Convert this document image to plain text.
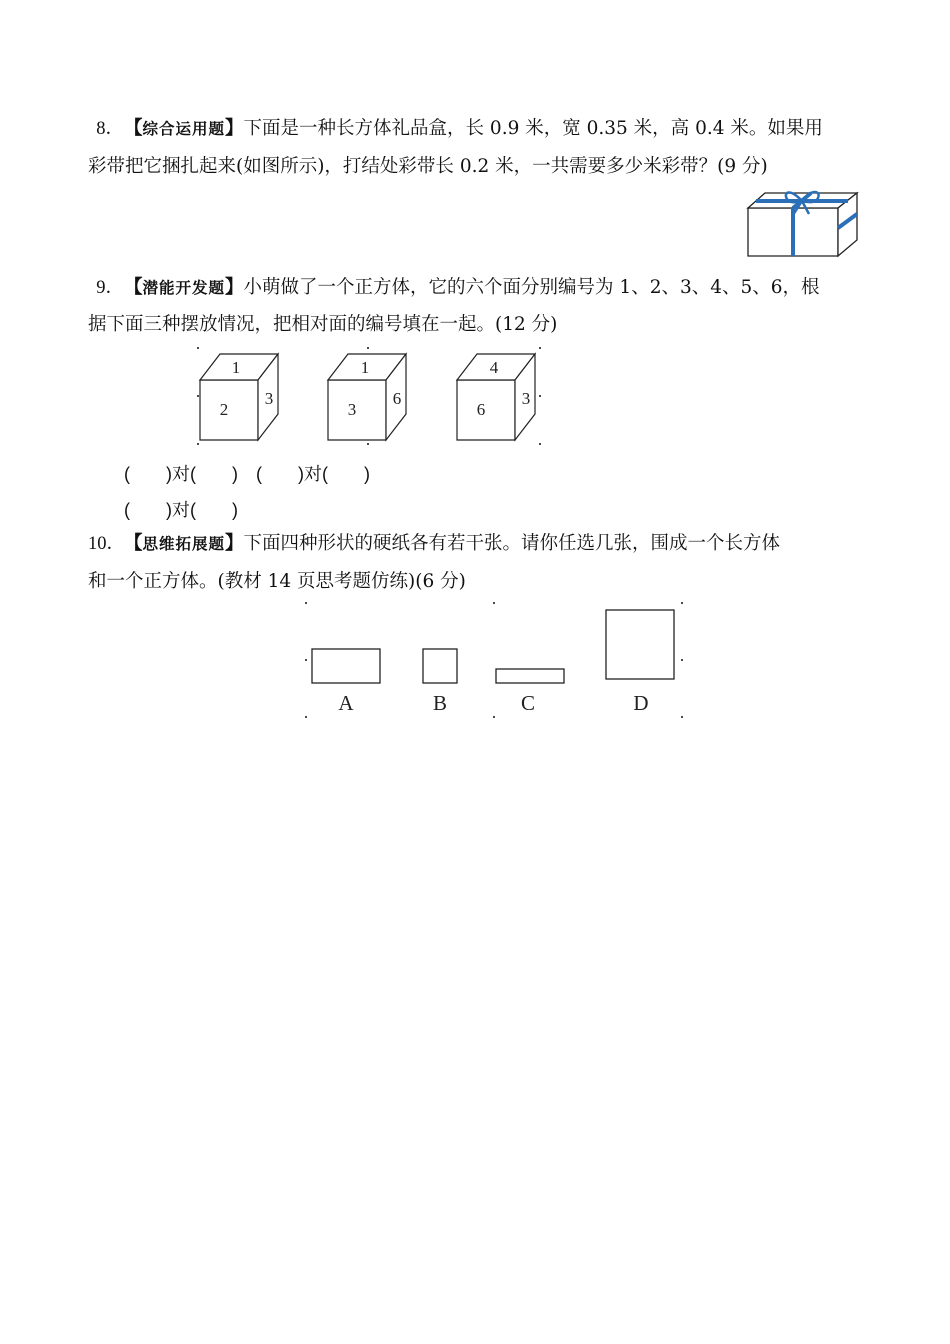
8．【综合运用题】下面是一种长方体礼品盒，长 0.9 米，宽 0.35 米，高 0.4 米。如果用
彩带把它捆扎起来(如图所示)，打结处彩带长 0.2 米，一共需要多少米彩带？(9 分)
9．【潜能开发题】小萌做了一个正方体，它的六个面分别编号为 1、2、3、4、5、6，根
据下面三种摆放情况，把相对面的编号填在一起。(12 分)
1
2
3
1
3
6
4
6
3
(　　)对(　　)　(　　)对(　　)
(　　)对(　　)
10．【思维拓展题】下面四种形状的硬纸各有若干张。请你任选几张，围成一个长方体
和一个正方体。(教材 14 页思考题仿练)(6 分)
A	B	C	D
